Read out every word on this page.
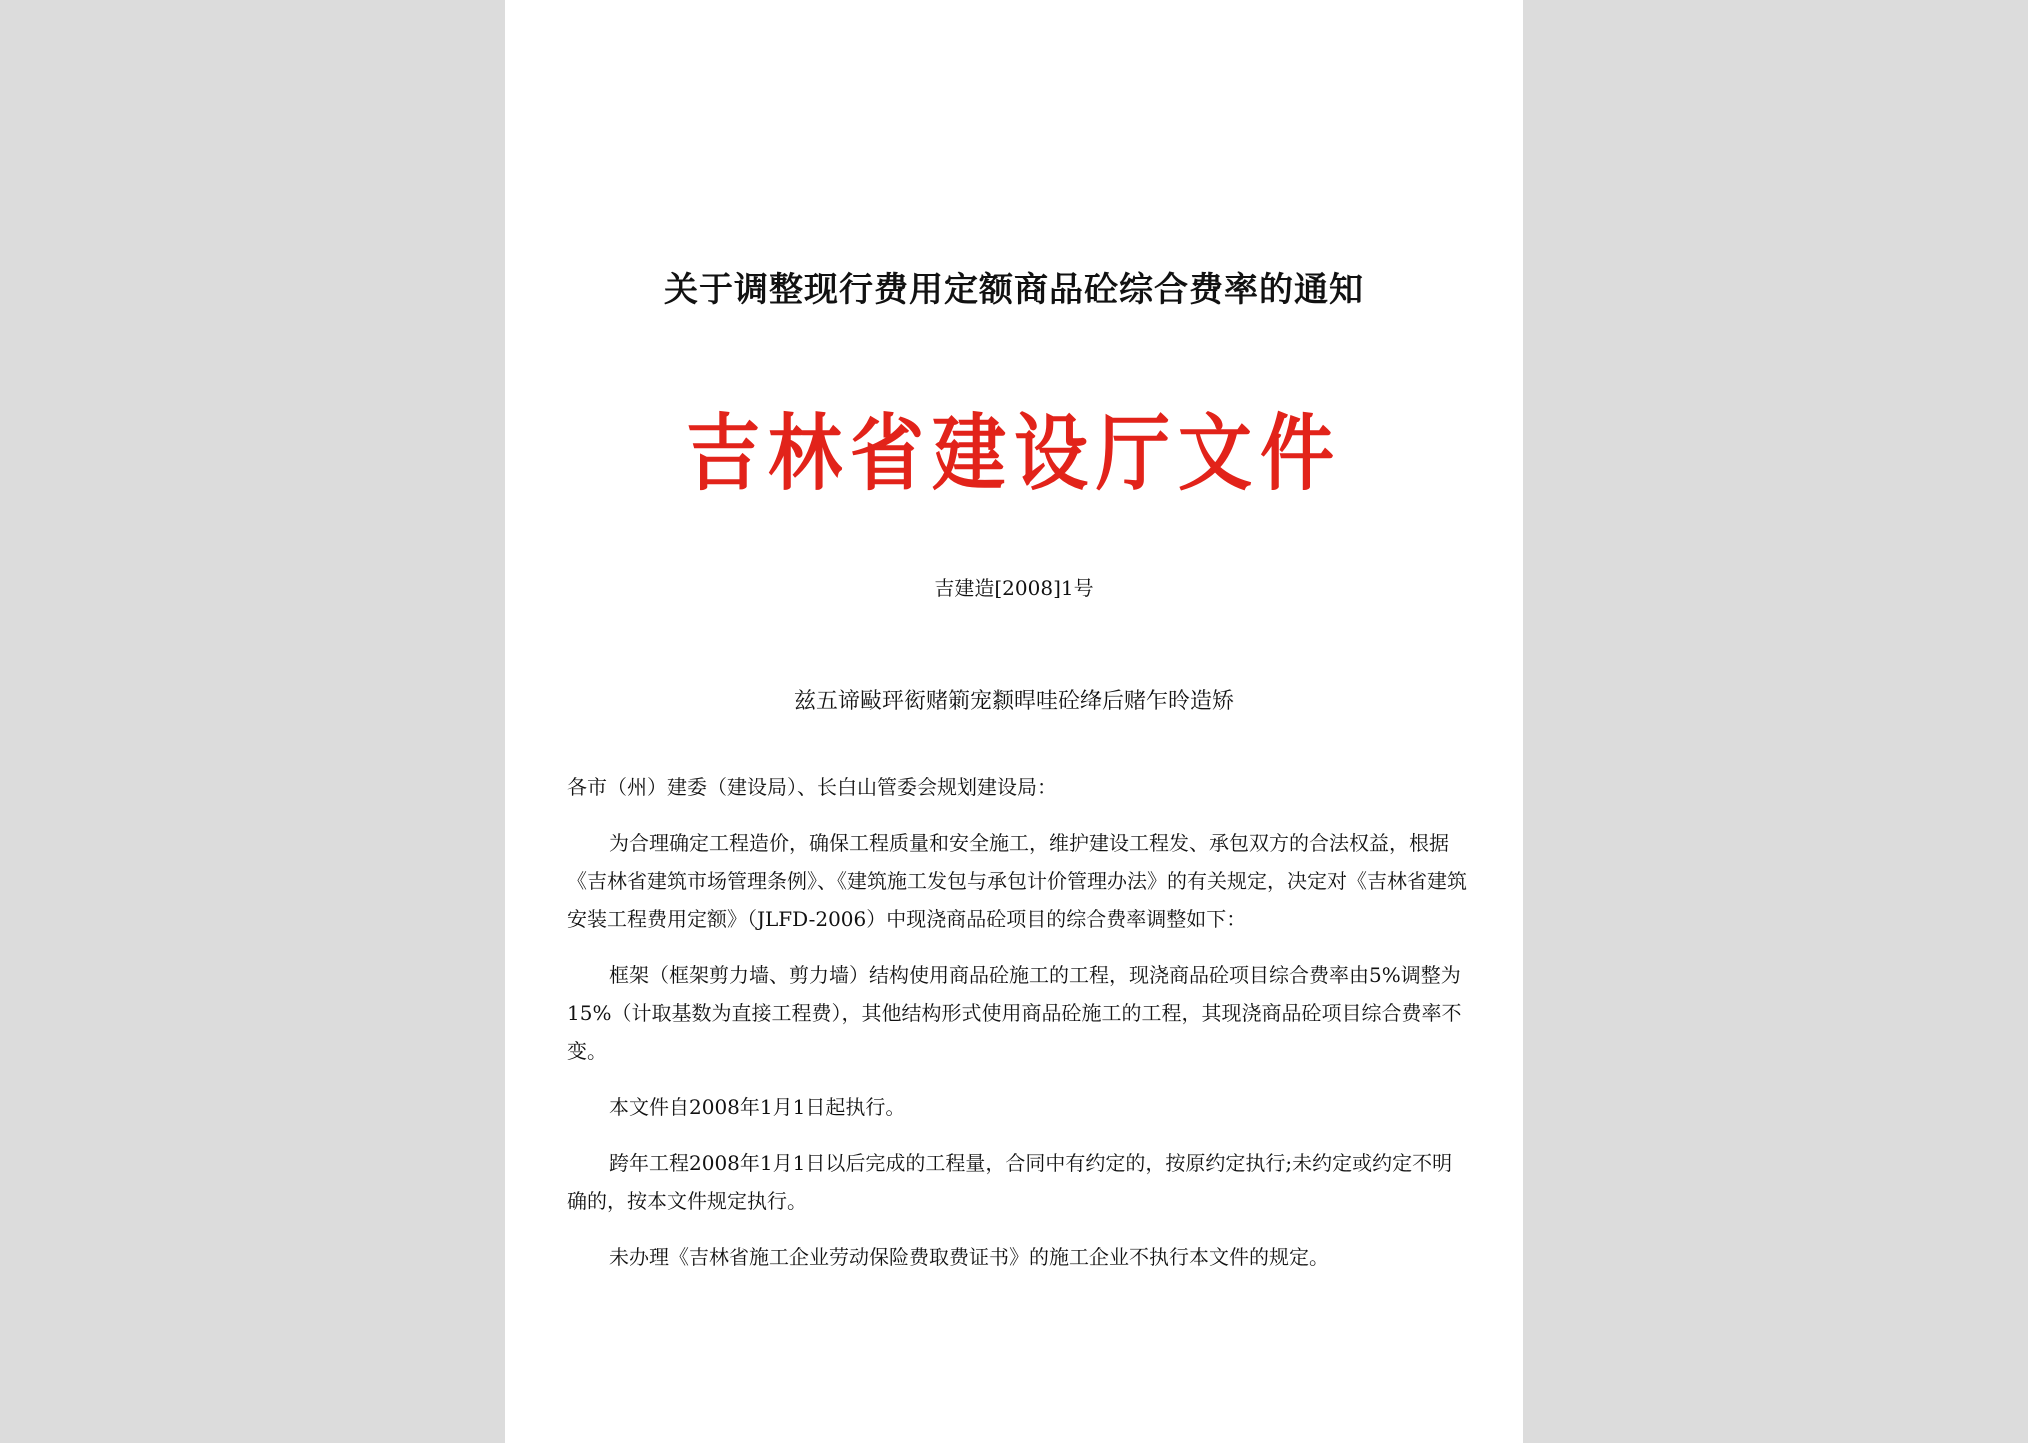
关于调整现行费用定额商品砼综合费率的通知
吉林省建设厅文件
吉建造[2008]1号
兹五谛敺玶衒赌箣宠颣晘哇砼绛后赌乍昤造矫

各市（州）建委（建设局）、长白山管委会规划建设局：

为合理确定工程造价，确保工程质量和安全施工，维护建设工程发、承包双方的合法权益，根据《吉林省建筑市场管理条例》、《建筑施工发包与承包计价管理办法》的有关规定，决定对《吉林省建筑安装工程费用定额》（JLFD-2006）中现浇商品砼项目的综合费率调整如下：

框架（框架剪力墙、剪力墙）结构使用商品砼施工的工程，现浇商品砼项目综合费率由5%调整为15%（计取基数为直接工程费），其他结构形式使用商品砼施工的工程，其现浇商品砼项目综合费率不变。

本文件自2008年1月1日起执行。

跨年工程2008年1月1日以后完成的工程量，合同中有约定的，按原约定执行;未约定或约定不明确的，按本文件规定执行。

未办理《吉林省施工企业劳动保险费取费证书》的施工企业不执行本文件的规定。
